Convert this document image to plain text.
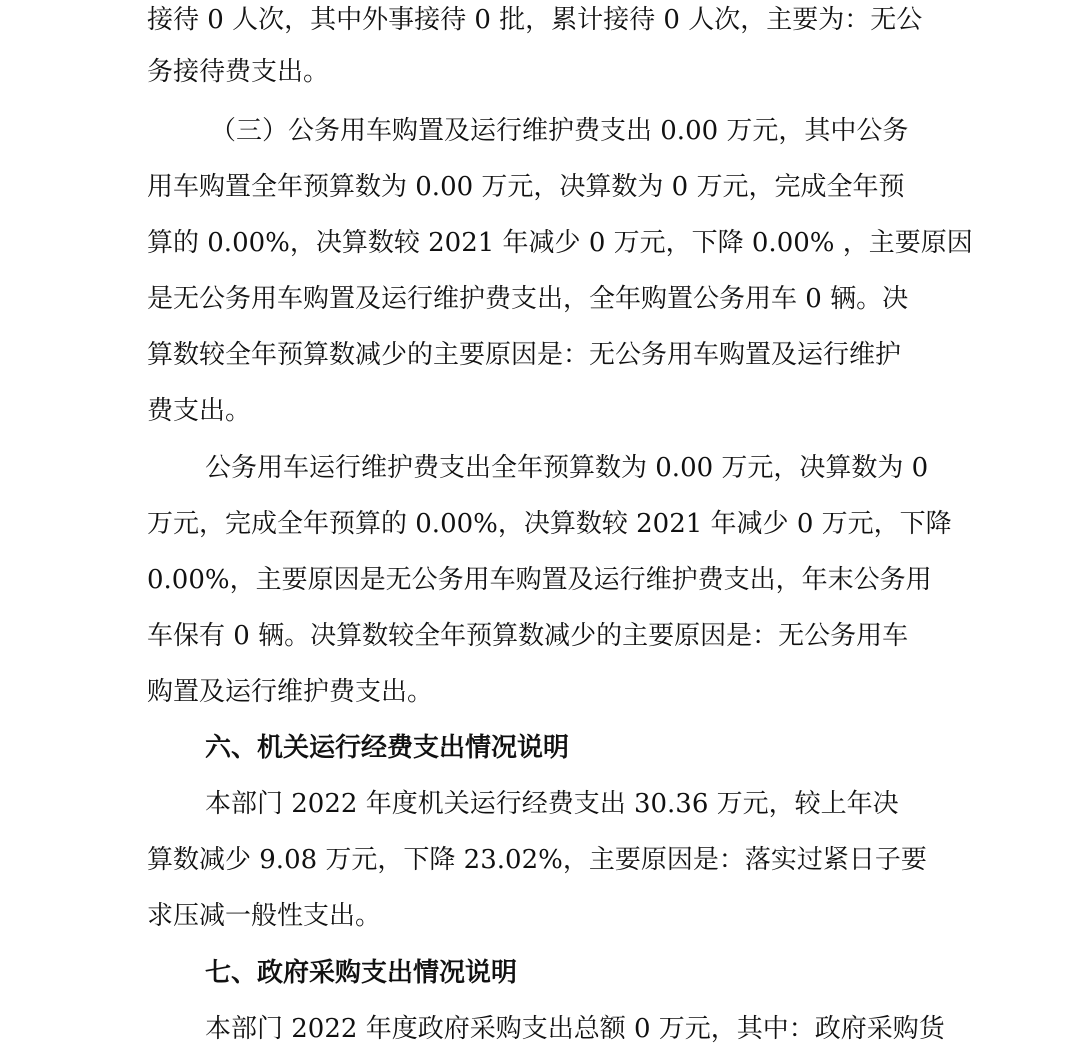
接待 0 人次，其中外事接待 0 批，累计接待 0 人次，主要为：无公
务接待费支出。
（三）公务用车购置及运行维护费支出 0.00 万元，其中公务
用车购置全年预算数为 0.00 万元，决算数为 0 万元，完成全年预
算的 0.00%，决算数较 2021 年减少 0 万元，下降 0.00% ，主要原因
是无公务用车购置及运行维护费支出，全年购置公务用车 0 辆。决
算数较全年预算数减少的主要原因是：无公务用车购置及运行维护
费支出。
公务用车运行维护费支出全年预算数为 0.00 万元，决算数为 0
万元，完成全年预算的 0.00%，决算数较 2021 年减少 0 万元，下降
0.00%，主要原因是无公务用车购置及运行维护费支出，年末公务用
车保有 0 辆。决算数较全年预算数减少的主要原因是：无公务用车
购置及运行维护费支出。
六、机关运行经费支出情况说明
本部门 2022 年度机关运行经费支出 30.36 万元，较上年决
算数减少 9.08 万元，下降 23.02%，主要原因是：落实过紧日子要
求压减一般性支出。
七、政府采购支出情况说明
本部门 2022 年度政府采购支出总额 0 万元，其中：政府采购货
